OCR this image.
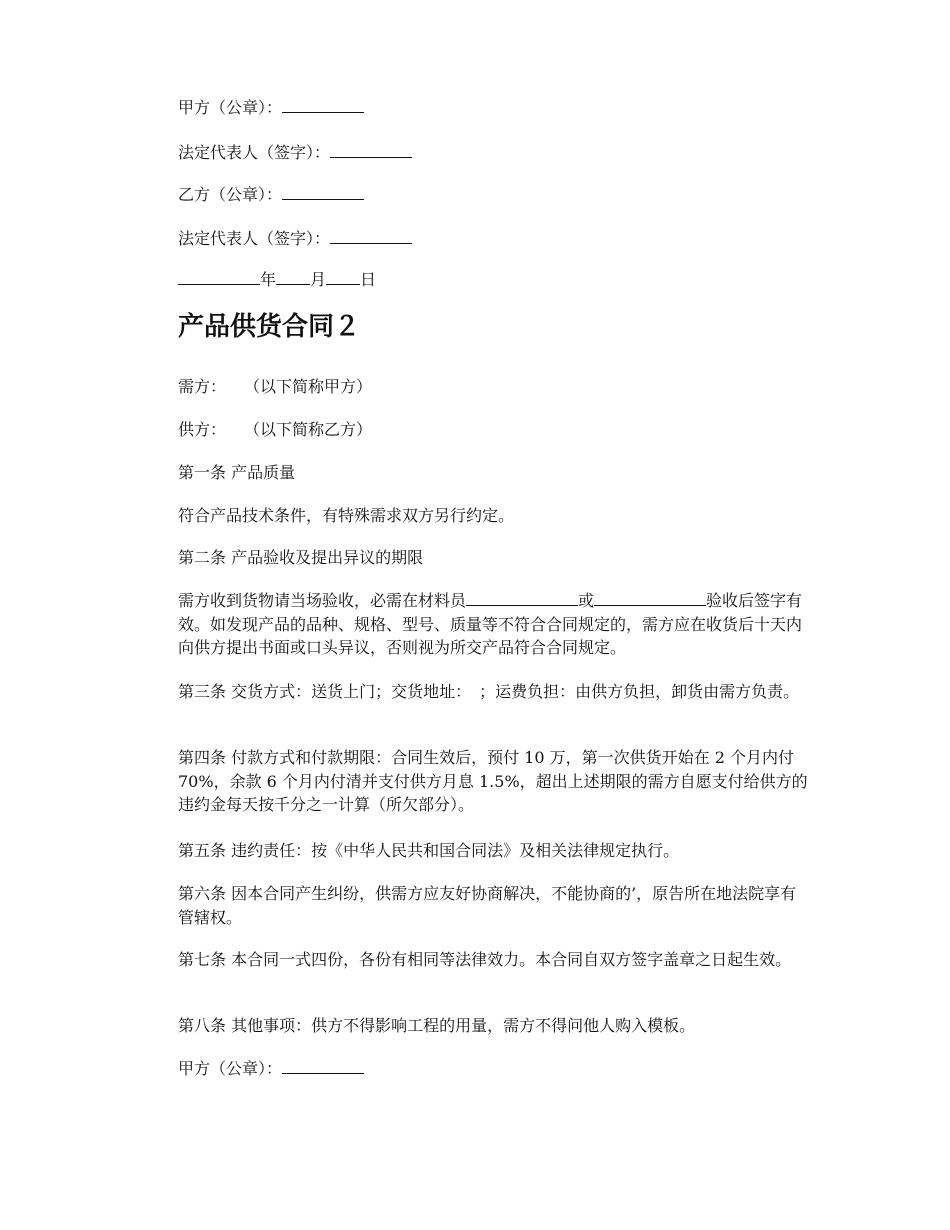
甲方（公章）：

法定代表人（签字）：

乙方（公章）：

法定代表人（签字）：

年 月 日

产品供货合同２

需方： （以下简称甲方）

供方： （以下简称乙方）

第一条 产品质量

符合产品技术条件，有特殊需求双方另行约定。

第二条 产品验收及提出异议的期限

需方收到货物请当场验收，必需在材料员	或	验收后签字有效。如发现产品的品种、规格、型号、质量等不符合合同规定的，需方应在收货后十天内向供方提出书面或口头异议，否则视为所交产品符合合同规定。

第三条 交货方式：送货上门；交货地址：　；运费负担：由供方负担，卸货由需方负责。

第四条 付款方式和付款期限：合同生效后，预付 10 万，第一次供货开始在 2 个月内付 70%，余款 6 个月内付清并支付供方月息 1.5%，超出上述期限的需方自愿支付给供方的违约金每天按千分之一计算（所欠部分）。

第五条 违约责任：按《中华人民共和国合同法》及相关法律规定执行。

第六条 因本合同产生纠纷，供需方应友好协商解决，不能协商的’，原告所在地法院享有管辖权。

第七条 本合同一式四份，各份有相同等法律效力。本合同自双方签字盖章之日起生效。

第八条 其他事项：供方不得影响工程的用量，需方不得问他人购入模板。

甲方（公章）：
